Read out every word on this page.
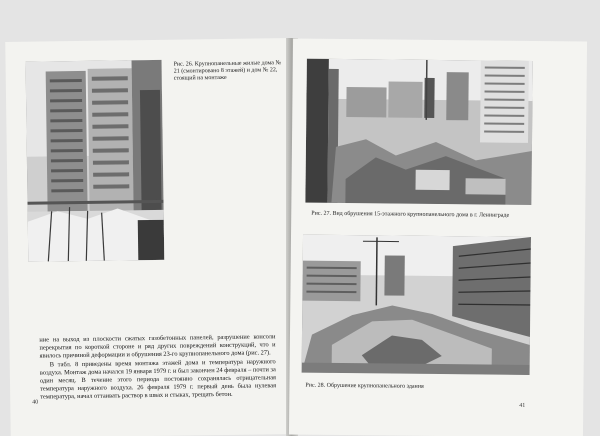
Рис. 26. Крупнопанельные жилые дома № 21 (смонтировано 8 этажей) и дом № 22, стоящий на монтаже

ние на выход из плоскости сжатых газобетонных панелей, разрушение консоли перекрытия по короткой стороне и ряд других повреждений конструкций, что и явилось причиной деформации и обрушения 23-го крупнопанельного дома (рис. 27).

В табл. 8 приведены время монтажа этажей дома и температура наружного воздуха. Монтаж дома начался 19 января 1979 г. и был закончен 24 февраля – почти за один месяц. В течение этого периода постоянно сохранялась отрицательная температура наружного воздуха. 26 февраля 1979 г. первый день была нулевая температура, начал оттаивать раствор в швах и стыках, трещать бетон.

40
Рис. 27. Вид обрушения 15-этажного крупнопанельного дома в г. Ленинграде
Рис. 28. Обрушение крупнопанельного здания
41
